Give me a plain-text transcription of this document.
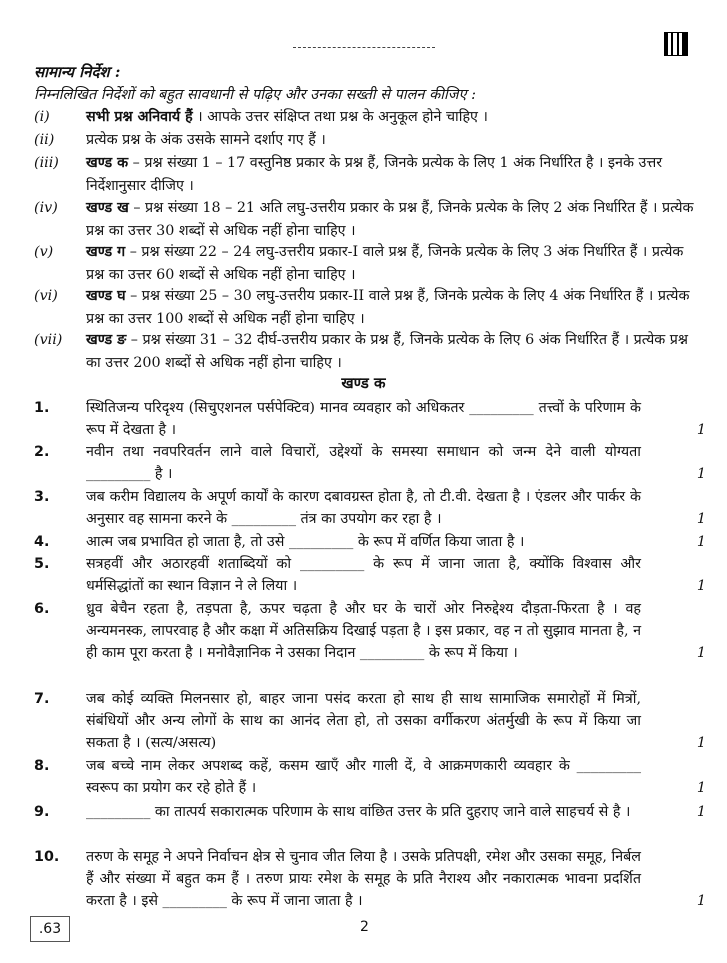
सामान्य निर्देश :
निम्नलिखित निर्देशों को बहुत सावधानी से पढ़िए और उनका सख्ती से पालन कीजिए :
(i)	सभी प्रश्न अनिवार्य हैं । आपके उत्तर संक्षिप्त तथा प्रश्न के अनुकूल होने चाहिए ।
(ii) प्रत्येक प्रश्न के अंक उसके सामने दर्शाए गए हैं ।
(iii) खण्ड क – प्रश्न संख्या 1 – 17 वस्तुनिष्ठ प्रकार के प्रश्न हैं, जिनके प्रत्येक के लिए 1 अंक निर्धारित है । इनके उत्तर निर्देशानुसार दीजिए ।
(iv) खण्ड ख – प्रश्न संख्या 18 – 21 अति लघु-उत्तरीय प्रकार के प्रश्न हैं, जिनके प्रत्येक के लिए 2 अंक निर्धारित हैं । प्रत्येक प्रश्न का उत्तर 30 शब्दों से अधिक नहीं होना चाहिए ।
(v) खण्ड ग – प्रश्न संख्या 22 – 24 लघु-उत्तरीय प्रकार-I वाले प्रश्न हैं, जिनके प्रत्येक के लिए 3 अंक निर्धारित हैं । प्रत्येक प्रश्न का उत्तर 60 शब्दों से अधिक नहीं होना चाहिए ।
(vi) खण्ड घ – प्रश्न संख्या 25 – 30 लघु-उत्तरीय प्रकार-II वाले प्रश्न हैं, जिनके प्रत्येक के लिए 4 अंक निर्धारित हैं । प्रत्येक प्रश्न का उत्तर 100 शब्दों से अधिक नहीं होना चाहिए ।
(vii) खण्ड ङ – प्रश्न संख्या 31 – 32 दीर्घ-उत्तरीय प्रकार के प्रश्न हैं, जिनके प्रत्येक के लिए 6 अंक निर्धारित हैं । प्रत्येक प्रश्न का उत्तर 200 शब्दों से अधिक नहीं होना चाहिए ।
खण्ड क
1.	स्थितिजन्य परिदृश्य (सिचुएशनल पर्सपेक्टिव) मानव व्यवहार को अधिकतर _________ तत्त्वों के परिणाम के रूप में देखता है ।	1
2.	नवीन तथा नवपरिवर्तन लाने वाले विचारों, उद्देश्यों के समस्या समाधान को जन्म देने वाली योग्यता _________ है ।	1
3.	जब करीम विद्यालय के अपूर्ण कार्यों के कारण दबावग्रस्त होता है, तो टी.वी. देखता है । एंडलर और पार्कर के अनुसार वह सामना करने के _________ तंत्र का उपयोग कर रहा है ।	1
4.	आत्म जब प्रभावित हो जाता है, तो उसे _________ के रूप में वर्णित किया जाता है ।	1
5.	सत्रहवीं और अठारहवीं शताब्दियों को _________ के रूप में जाना जाता है, क्योंकि विश्वास और धर्मसिद्धांतों का स्थान विज्ञान ने ले लिया ।	1
6.	ध्रुव बेचैन रहता है, तड़पता है, ऊपर चढ़ता है और घर के चारों ओर निरुद्देश्य दौड़ता-फिरता है । वह अन्यमनस्क, लापरवाह है और कक्षा में अतिसक्रिय दिखाई पड़ता है । इस प्रकार, वह न तो सुझाव मानता है, न ही काम पूरा करता है । मनोवैज्ञानिक ने उसका निदान _________ के रूप में किया ।	1
7.	जब कोई व्यक्ति मिलनसार हो, बाहर जाना पसंद करता हो साथ ही साथ सामाजिक समारोहों में मित्रों, संबंधियों और अन्य लोगों के साथ का आनंद लेता हो, तो उसका वर्गीकरण अंतर्मुखी के रूप में किया जा सकता है । (सत्य/असत्य)	1
8.	जब बच्चे नाम लेकर अपशब्द कहें, कसम खाएँ और गाली दें, वे आक्रमणकारी व्यवहार के _________ स्वरूप का प्रयोग कर रहे होते हैं ।	1
9.	_________ का तात्पर्य सकारात्मक परिणाम के साथ वांछित उत्तर के प्रति दुहराए जाने वाले साहचर्य से है ।	1
10. तरुण के समूह ने अपने निर्वाचन क्षेत्र से चुनाव जीत लिया है । उसके प्रतिपक्षी, रमेश और उसका समूह, निर्बल हैं और संख्या में बहुत कम हैं । तरुण प्रायः रमेश के समूह के प्रति नैराश्य और नकारात्मक भावना प्रदर्शित करता है । इसे _________ के रूप में जाना जाता है ।	1
.63	2
